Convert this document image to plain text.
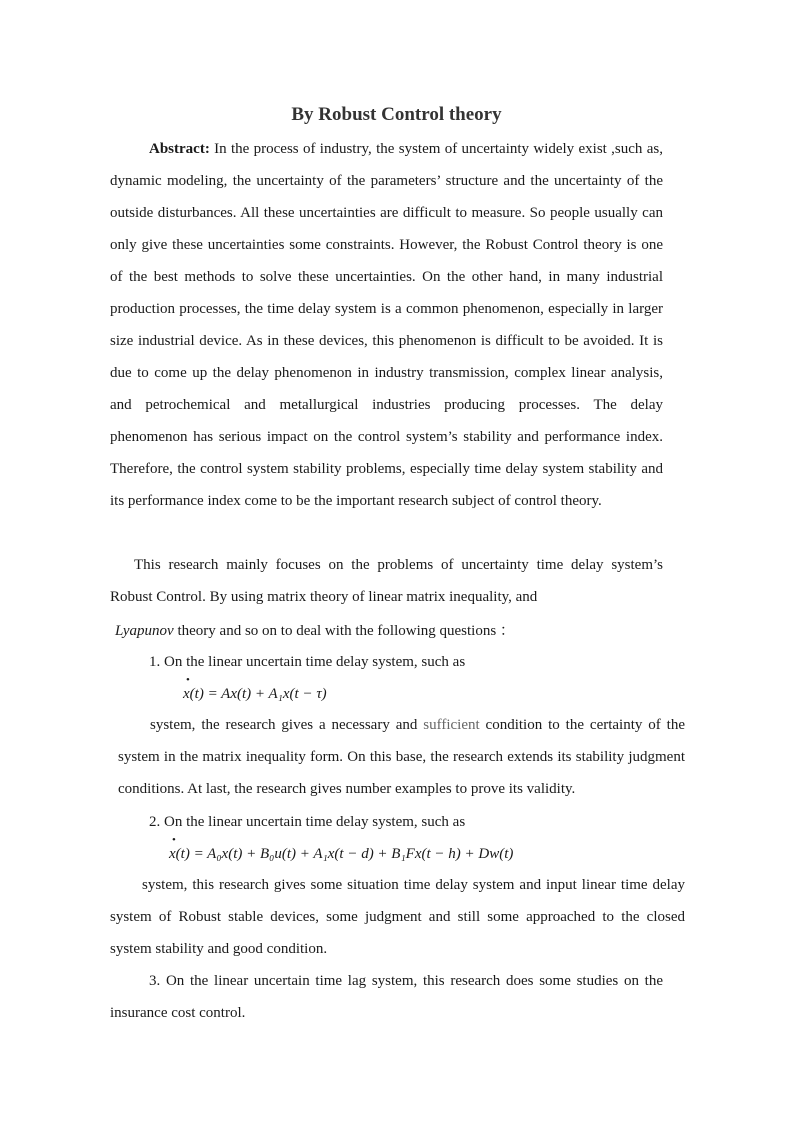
By Robust Control theory
Abstract: In the process of industry, the system of uncertainty widely exist ,such as, dynamic modeling, the uncertainty of the parameters’ structure and the uncertainty of the outside disturbances. All these uncertainties are difficult to measure. So people usually can only give these uncertainties some constraints. However, the Robust Control theory is one of the best methods to solve these uncertainties. On the other hand, in many industrial production processes, the time delay system is a common phenomenon, especially in larger size industrial device. As in these devices, this phenomenon is difficult to be avoided. It is due to come up the delay phenomenon in industry transmission, complex linear analysis, and petrochemical and metallurgical industries producing processes. The delay phenomenon has serious impact on the control system’s stability and performance index. Therefore, the control system stability problems, especially time delay system stability and its performance index come to be the important research subject of control theory.
This research mainly focuses on the problems of uncertainty time delay system’s Robust Control. By using matrix theory of linear matrix inequality, and
Lyapunov theory and so on to deal with the following questions ：
1. On the linear uncertain time delay system, such as
•
x(t) = Ax(t) + A₁x(t − τ)
system, the research gives a necessary and sufficient condition to the certainty of the system in the matrix inequality form. On this base, the research extends its stability judgment conditions. At last, the research gives number examples to prove its validity.
2. On the linear uncertain time delay system, such as
•
x(t) = A₀x(t) + B₀u(t) + A₁x(t − d) + B₁Fx(t − h) + Dw(t)
system, this research gives some situation time delay system and input linear time delay system of Robust stable devices, some judgment and still some approached to the closed system stability and good condition.
3. On the linear uncertain time lag system, this research does some studies on the insurance cost control.
